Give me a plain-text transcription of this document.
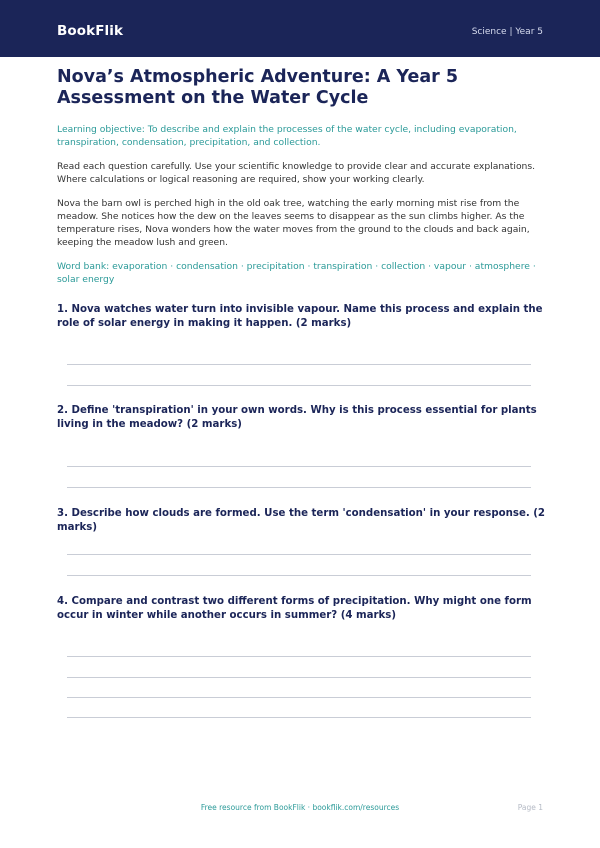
BookFlik	Science | Year 5
Nova’s Atmospheric Adventure: A Year 5 Assessment on the Water Cycle

Learning objective: To describe and explain the processes of the water cycle, including evaporation, transpiration, condensation, precipitation, and collection.

Read each question carefully. Use your scientific knowledge to provide clear and accurate explanations. Where calculations or logical reasoning are required, show your working clearly.

Nova the barn owl is perched high in the old oak tree, watching the early morning mist rise from the meadow. She notices how the dew on the leaves seems to disappear as the sun climbs higher. As the temperature rises, Nova wonders how the water moves from the ground to the clouds and back again, keeping the meadow lush and green.

Word bank: evaporation · condensation · precipitation · transpiration · collection · vapour · atmosphere · solar energy

1. Nova watches water turn into invisible vapour. Name this process and explain the role of solar energy in making it happen. (2 marks)
2. Define 'transpiration' in your own words. Why is this process essential for plants living in the meadow? (2 marks)
3. Describe how clouds are formed. Use the term 'condensation' in your response. (2 marks)
4. Compare and contrast two different forms of precipitation. Why might one form occur in winter while another occurs in summer? (4 marks)
Free resource from BookFlik · bookflik.com/resources	Page 1
